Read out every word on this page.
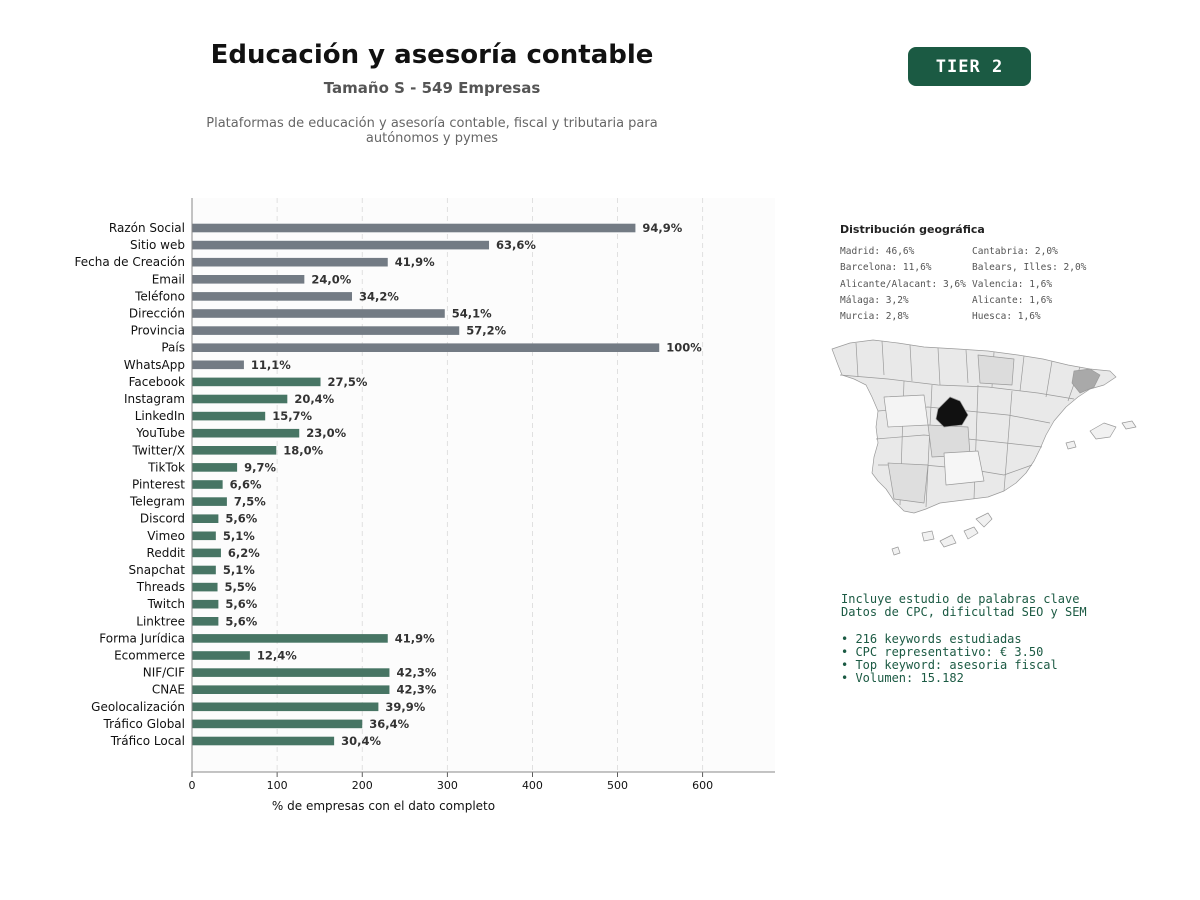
Educación y asesoría contable
Tamaño S - 549 Empresas
Plataformas de educación y asesoría contable, fiscal y tributaria para
autónomos y pymes
TIER 2
0	100	200	300	400	500	600
Razón Social	94,9%
Sitio web	63,6%
Fecha de Creación	41,9%
Email	24,0%
Teléfono	34,2%
Dirección	54,1%
Provincia	57,2%
País	100%
WhatsApp	11,1%
Facebook	27,5%
Instagram	20,4%
LinkedIn	15,7%
YouTube	23,0%
Twitter/X	18,0%
TikTok	9,7%
Pinterest	6,6%
Telegram	7,5%
Discord	5,6%
Vimeo	5,1%
Reddit	6,2%
Snapchat	5,1%
Threads	5,5%
Twitch	5,6%
Linktree	5,6%
Forma Jurídica	41,9%
Ecommerce	12,4%
NIF/CIF	42,3%
CNAE	42,3%
Geolocalización	39,9%
Tráfico Global	36,4%
Tráfico Local	30,4%
% de empresas con el dato completo
Distribución geográfica
Madrid: 46,6%	Cantabria: 2,0%
Barcelona: 11,6%	Balears, Illes: 2,0%
Alicante/Alacant: 3,6% Valencia: 1,6%
Málaga: 3,2%	Alicante: 1,6%
Murcia: 2,8%	Huesca: 1,6%
Incluye estudio de palabras clave
Datos de CPC, dificultad SEO y SEM
• 216 keywords estudiadas
• CPC representativo: € 3.50
• Top keyword: asesoria fiscal
• Volumen: 15.182
